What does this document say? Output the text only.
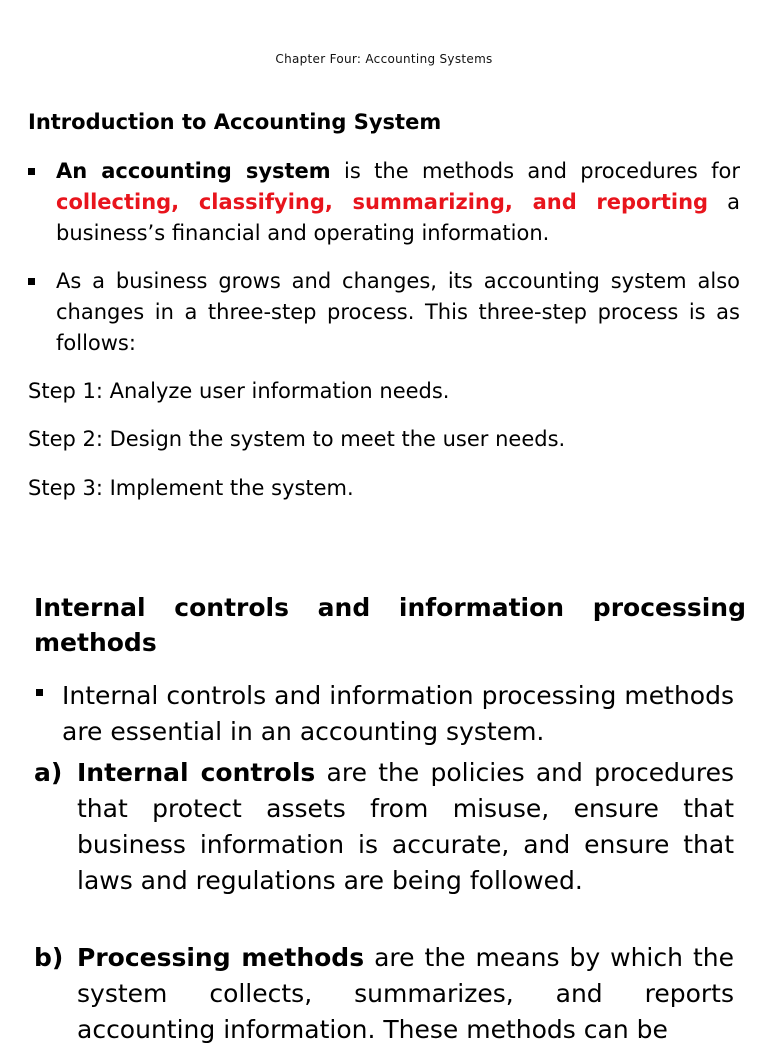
Chapter Four: Accounting Systems
Introduction to Accounting System

An accounting system is the methods and procedures for collecting, classifying, summarizing, and reporting a business’s financial and operating information.

As a business grows and changes, its accounting system also changes in a three-step process. This three-step process is as follows:

Step 1: Analyze user information needs.
Step 2: Design the system to meet the user needs.
Step 3: Implement the system.
Internal controls and information processing methods

Internal controls and information processing methods are essential in an accounting system.

a) Internal controls are the policies and procedures that protect assets from misuse, ensure that business information is accurate, and ensure that laws and regulations are being followed.

b) Processing methods are the means by which the system collects, summarizes, and reports accounting information. These methods can be
